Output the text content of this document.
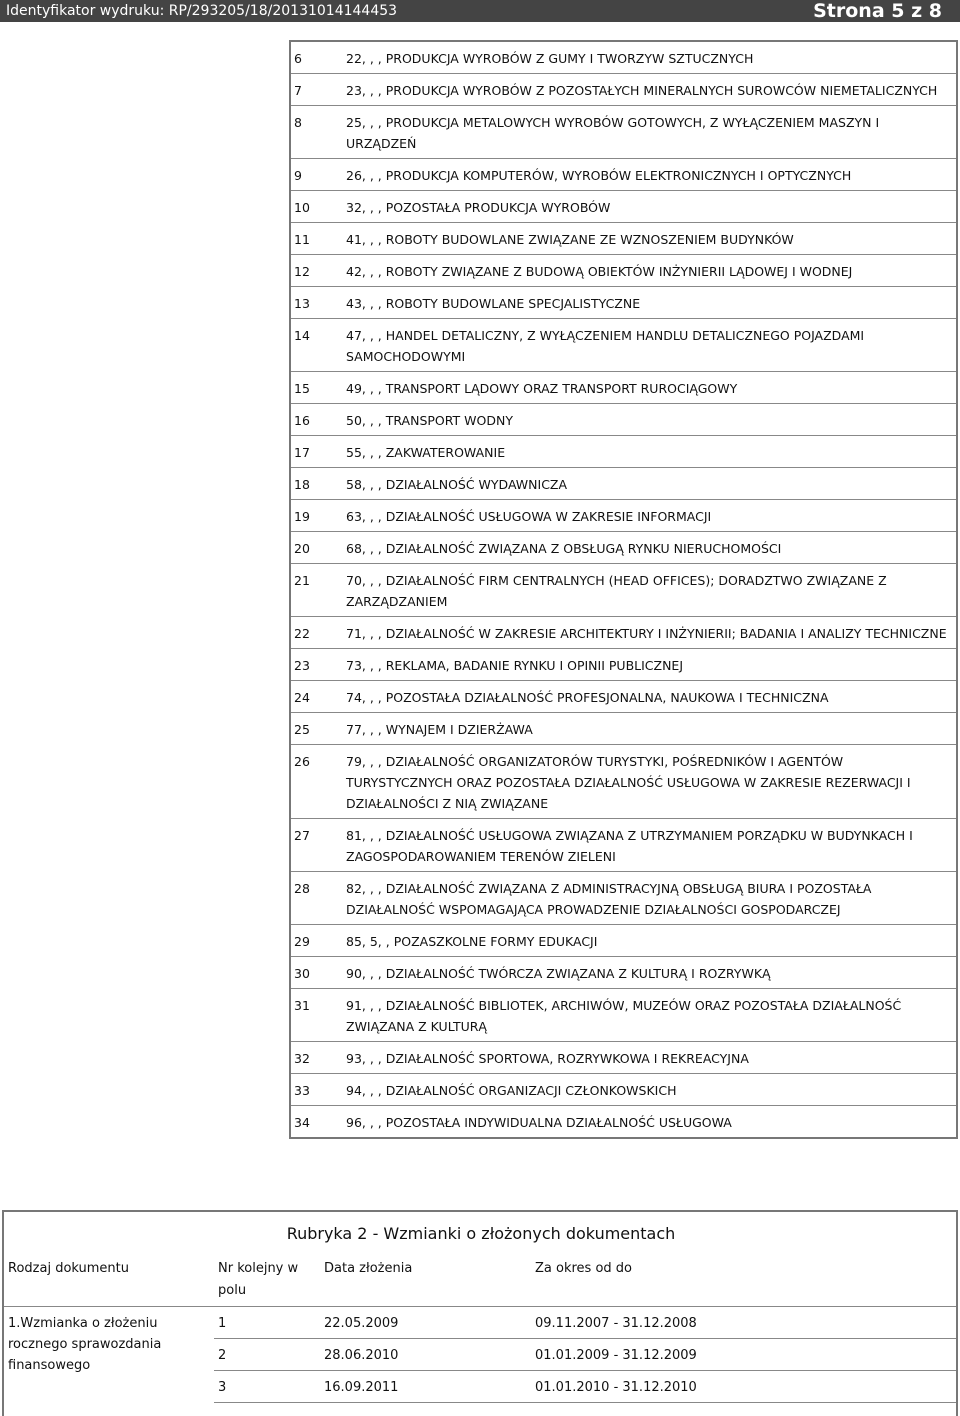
Identyfikator wydruku: RP/293205/18/20131014144453	Strona 5 z 8
6	22, , , PRODUKCJA WYROBÓW Z GUMY I TWORZYW SZTUCZNYCH
7	23, , , PRODUKCJA WYROBÓW Z POZOSTAŁYCH MINERALNYCH SUROWCÓW NIEMETALICZNYCH
8	25, , , PRODUKCJA METALOWYCH WYROBÓW GOTOWYCH, Z WYŁĄCZENIEM MASZYN I URZĄDZEŃ
9	26, , , PRODUKCJA KOMPUTERÓW, WYROBÓW ELEKTRONICZNYCH I OPTYCZNYCH
10	32, , , POZOSTAŁA PRODUKCJA WYROBÓW
11	41, , , ROBOTY BUDOWLANE ZWIĄZANE ZE WZNOSZENIEM BUDYNKÓW
12	42, , , ROBOTY ZWIĄZANE Z BUDOWĄ OBIEKTÓW INŻYNIERII LĄDOWEJ I WODNEJ
13	43, , , ROBOTY BUDOWLANE SPECJALISTYCZNE
14	47, , , HANDEL DETALICZNY, Z WYŁĄCZENIEM HANDLU DETALICZNEGO POJAZDAMI SAMOCHODOWYMI
15	49, , , TRANSPORT LĄDOWY ORAZ TRANSPORT RUROCIĄGOWY
16	50, , , TRANSPORT WODNY
17	55, , , ZAKWATEROWANIE
18	58, , , DZIAŁALNOŚĆ WYDAWNICZA
19	63, , , DZIAŁALNOŚĆ USŁUGOWA W ZAKRESIE INFORMACJI
20	68, , , DZIAŁALNOŚĆ ZWIĄZANA Z OBSŁUGĄ RYNKU NIERUCHOMOŚCI
21	70, , , DZIAŁALNOŚĆ FIRM CENTRALNYCH (HEAD OFFICES); DORADZTWO ZWIĄZANE Z ZARZĄDZANIEM
22	71, , , DZIAŁALNOŚĆ W ZAKRESIE ARCHITEKTURY I INŻYNIERII; BADANIA I ANALIZY TECHNICZNE
23	73, , , REKLAMA, BADANIE RYNKU I OPINII PUBLICZNEJ
24	74, , , POZOSTAŁA DZIAŁALNOŚĆ PROFESJONALNA, NAUKOWA I TECHNICZNA
25	77, , , WYNAJEM I DZIERŻAWA
26	79, , , DZIAŁALNOŚĆ ORGANIZATORÓW TURYSTYKI, POŚREDNIKÓW I AGENTÓW TURYSTYCZNYCH ORAZ POZOSTAŁA DZIAŁALNOŚĆ USŁUGOWA W ZAKRESIE REZERWACJI I DZIAŁALNOŚCI Z NIĄ ZWIĄZANE
27	81, , , DZIAŁALNOŚĆ USŁUGOWA ZWIĄZANA Z UTRZYMANIEM PORZĄDKU W BUDYNKACH I ZAGOSPODAROWANIEM TERENÓW ZIELENI
28	82, , , DZIAŁALNOŚĆ ZWIĄZANA Z ADMINISTRACYJNĄ OBSŁUGĄ BIURA I POZOSTAŁA DZIAŁALNOŚĆ WSPOMAGAJĄCA PROWADZENIE DZIAŁALNOŚCI GOSPODARCZEJ
29	85, 5, , POZASZKOLNE FORMY EDUKACJI
30	90, , , DZIAŁALNOŚĆ TWÓRCZA ZWIĄZANA Z KULTURĄ I ROZRYWKĄ
31	91, , , DZIAŁALNOŚĆ BIBLIOTEK, ARCHIWÓW, MUZEÓW ORAZ POZOSTAŁA DZIAŁALNOŚĆ ZWIĄZANA Z KULTURĄ
32	93, , , DZIAŁALNOŚĆ SPORTOWA, ROZRYWKOWA I REKREACYJNA
33	94, , , DZIAŁALNOŚĆ ORGANIZACJI CZŁONKOWSKICH
34	96, , , POZOSTAŁA INDYWIDUALNA DZIAŁALNOŚĆ USŁUGOWA
Rubryka 2 - Wzmianki o złożonych dokumentach
Rodzaj dokumentu	Nr kolejny w polu	Data złożenia	Za okres od do
1.Wzmianka o złożeniu rocznego sprawozdania finansowego	1	22.05.2009	09.11.2007 - 31.12.2008
	2	28.06.2010	01.01.2009 - 31.12.2009
	3	16.09.2011	01.01.2010 - 31.12.2010
